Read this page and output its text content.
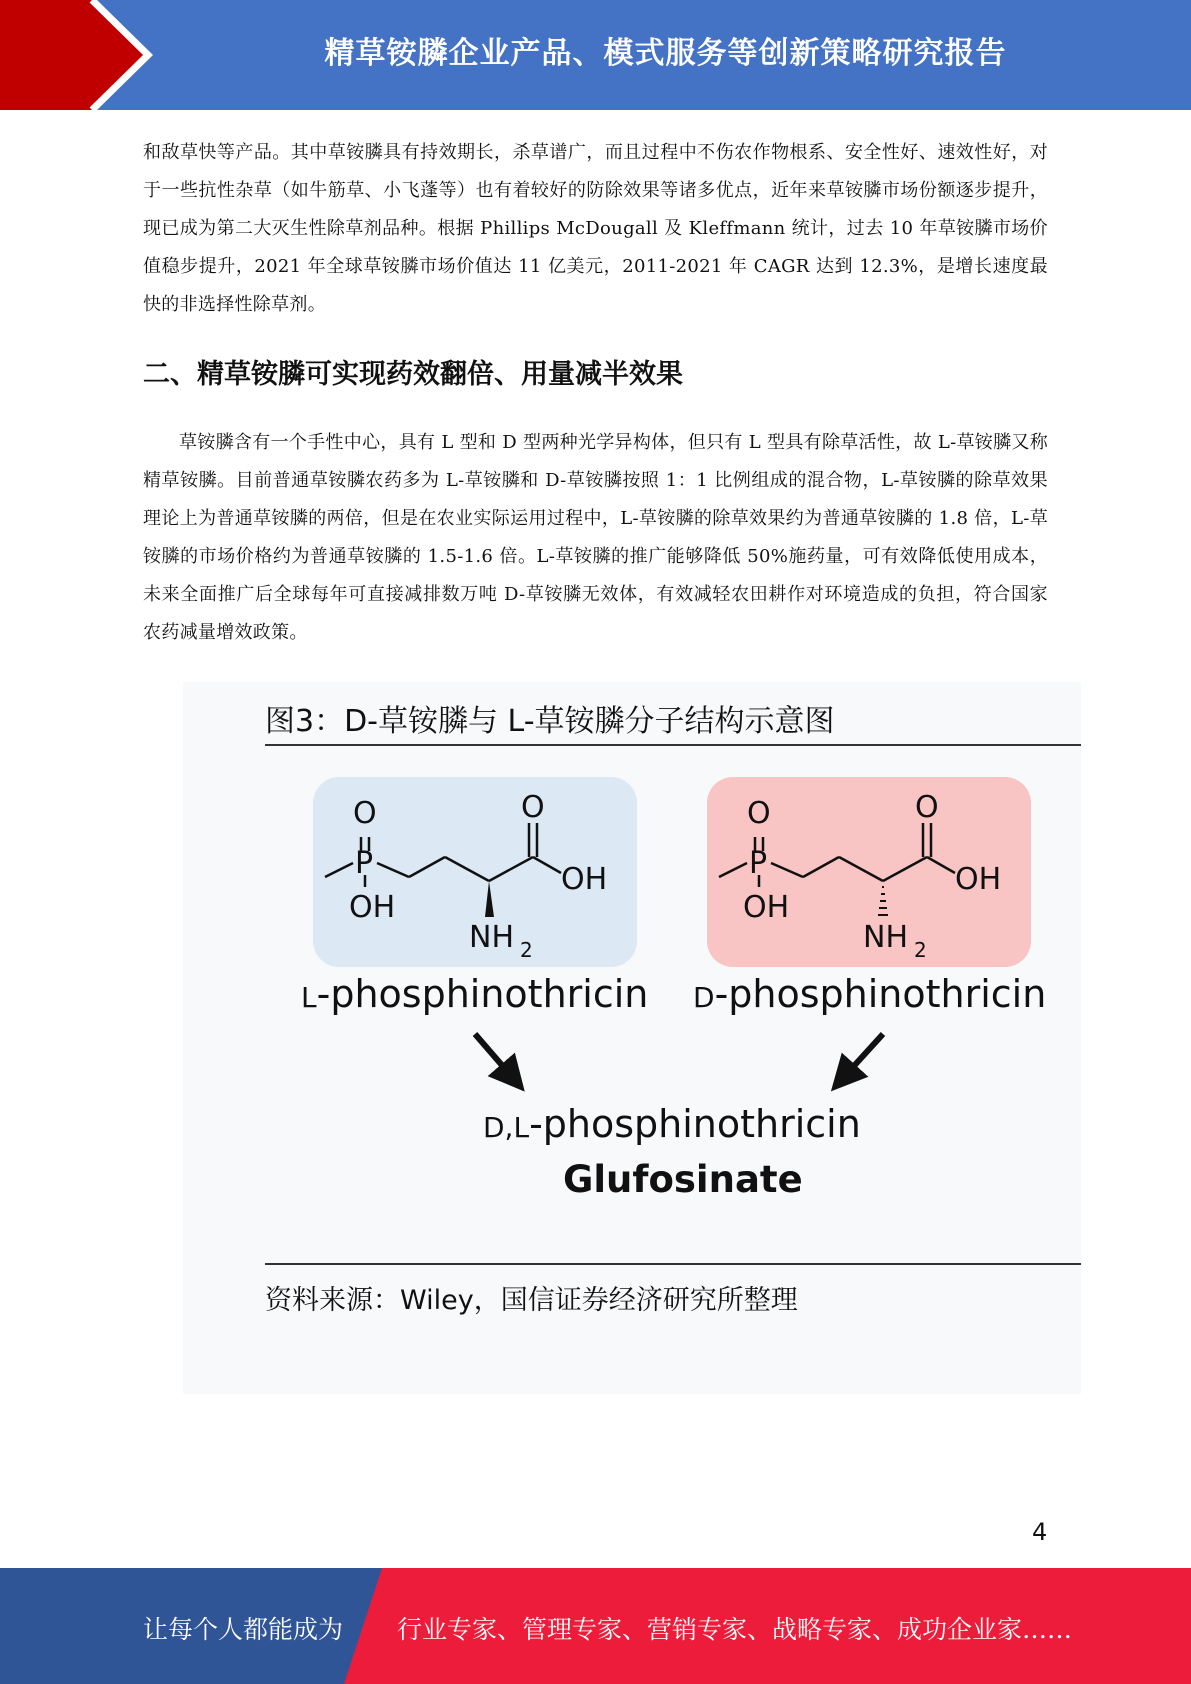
精草铵膦企业产品、模式服务等创新策略研究报告
和敌草快等产品。其中草铵膦具有持效期长，杀草谱广，而且过程中不伤农作物根系、安全性好、速效性好，对于一些抗性杂草（如牛筋草、小飞蓬等）也有着较好的防除效果等诸多优点，近年来草铵膦市场份额逐步提升，现已成为第二大灭生性除草剂品种。根据 Phillips McDougall 及 Kleffmann 统计，过去 10 年草铵膦市场价值稳步提升，2021 年全球草铵膦市场价值达 11 亿美元，2011-2021 年 CAGR 达到 12.3%，是增长速度最快的非选择性除草剂。
二、精草铵膦可实现药效翻倍、用量减半效果
草铵膦含有一个手性中心，具有 L 型和 D 型两种光学异构体，但只有 L 型具有除草活性，故 L-草铵膦又称精草铵膦。目前普通草铵膦农药多为 L-草铵膦和 D-草铵膦按照 1：1 比例组成的混合物，L-草铵膦的除草效果理论上为普通草铵膦的两倍，但是在农业实际运用过程中，L-草铵膦的除草效果约为普通草铵膦的 1.8 倍，L-草铵膦的市场价格约为普通草铵膦的 1.5-1.6 倍。L-草铵膦的推广能够降低 50%施药量，可有效降低使用成本，未来全面推广后全球每年可直接减排数万吨 D-草铵膦无效体，有效减轻农田耕作对环境造成的负担，符合国家农药减量增效政策。
图3：D-草铵膦与 L-草铵膦分子结构示意图
O
P
OH
O
OH
NH 2
O
P
OH
O
OH
NH 2
L-phosphinothricin D-phosphinothricin
D,L-phosphinothricin
Glufosinate
资料来源：Wiley，国信证券经济研究所整理
4
让每个人都能成为 行业专家、管理专家、营销专家、战略专家、成功企业家……
